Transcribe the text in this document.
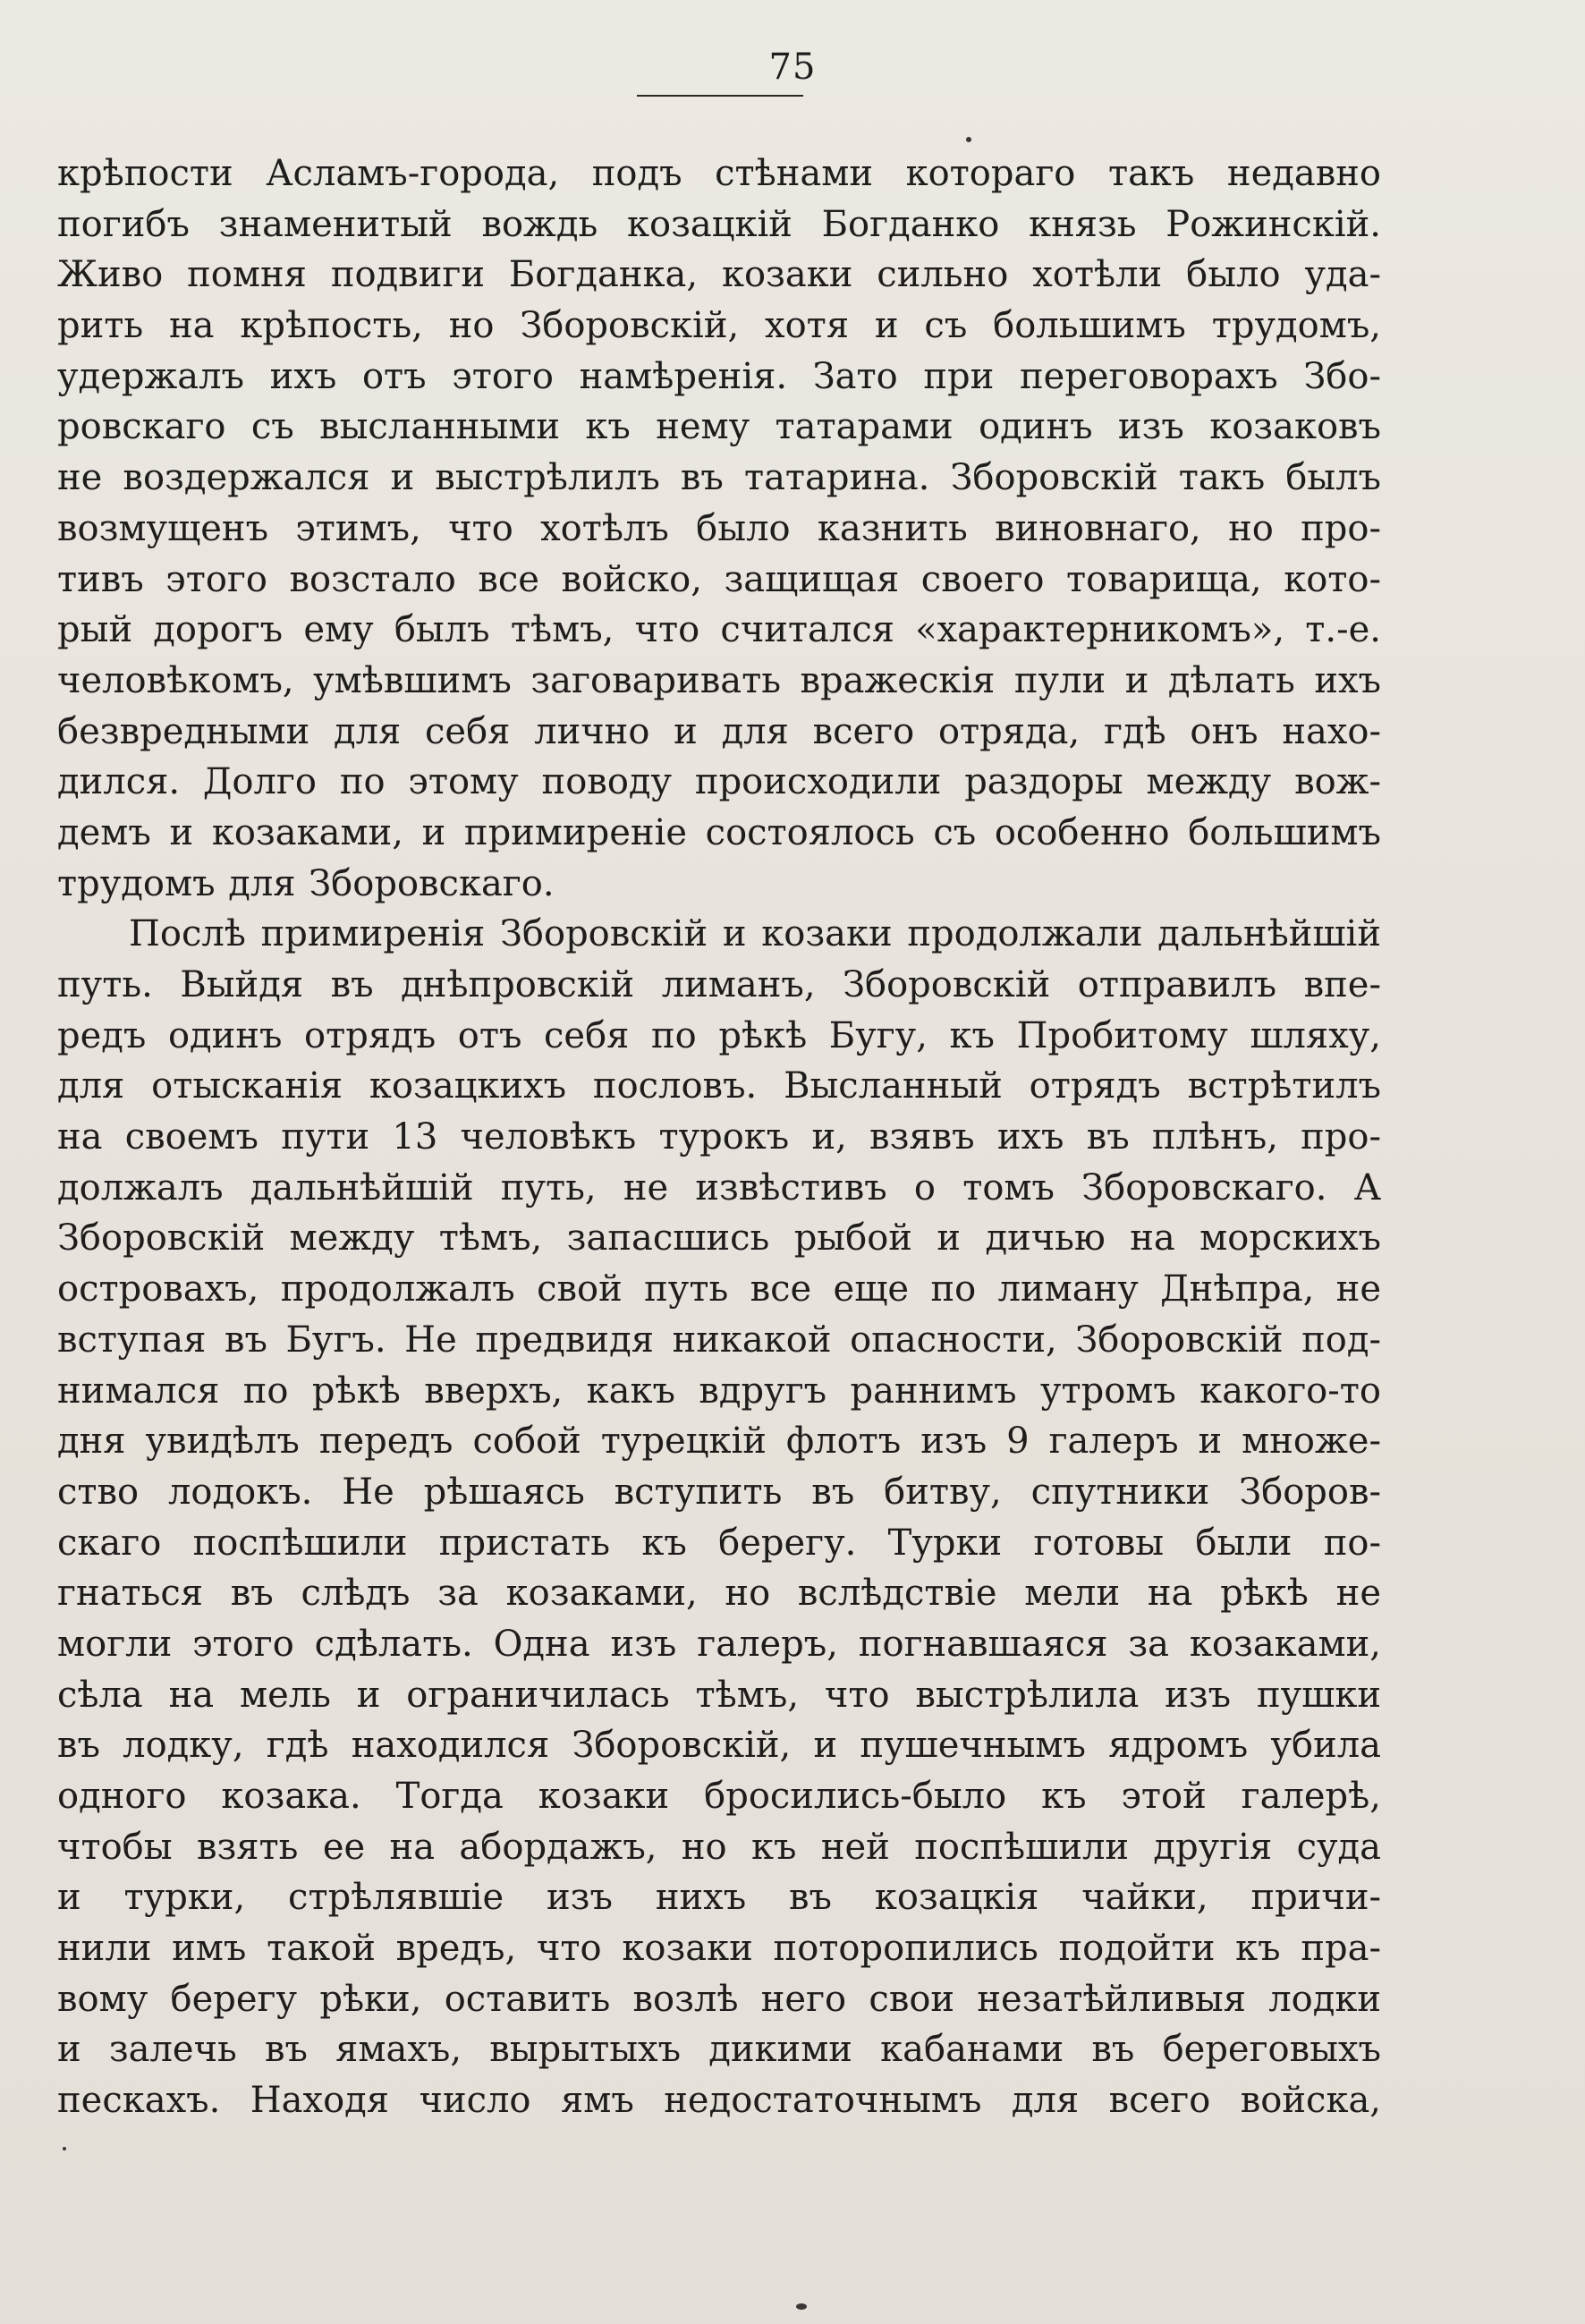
75
крѣпости Асламъ-города, подъ стѣнами котораго такъ недавно
погибъ знаменитый вождь козацкій Богданко князь Рожинскій.
Живо помня подвиги Богданка, козаки сильно хотѣли было уда-
рить на крѣпость, но Зборовскій, хотя и съ большимъ трудомъ,
удержалъ ихъ отъ этого намѣренія. Зато при переговорахъ Збо-
ровскаго съ высланными къ нему татарами одинъ изъ козаковъ
не воздержался и выстрѣлилъ въ татарина. Зборовскій такъ былъ
возмущенъ этимъ, что хотѣлъ было казнить виновнаго, но про-
тивъ этого возстало все войско, защищая своего товарища, кото-
рый дорогъ ему былъ тѣмъ, что считался «характерникомъ», т.-е.
человѣкомъ, умѣвшимъ заговаривать вражескія пули и дѣлать ихъ
безвредными для себя лично и для всего отряда, гдѣ онъ нахо-
дился. Долго по этому поводу происходили раздоры между вож-
демъ и козаками, и примиреніе состоялось съ особенно большимъ
трудомъ для Зборовскаго.
Послѣ примиренія Зборовскій и козаки продолжали дальнѣйшій
путь. Выйдя въ днѣпровскій лиманъ, Зборовскій отправилъ впе-
редъ одинъ отрядъ отъ себя по рѣкѣ Бугу, къ Пробитому шляху,
для отысканія козацкихъ пословъ. Высланный отрядъ встрѣтилъ
на своемъ пути 13 человѣкъ турокъ и, взявъ ихъ въ плѣнъ, про-
должалъ дальнѣйшій путь, не извѣстивъ о томъ Зборовскаго. А
Зборовскій между тѣмъ, запасшись рыбой и дичью на морскихъ
островахъ, продолжалъ свой путь все еще по лиману Днѣпра, не
вступая въ Бугъ. Не предвидя никакой опасности, Зборовскій под-
нимался по рѣкѣ вверхъ, какъ вдругъ раннимъ утромъ какого-то
дня увидѣлъ передъ собой турецкій флотъ изъ 9 галеръ и множе-
ство лодокъ. Не рѣшаясь вступить въ битву, спутники Зборов-
скаго поспѣшили пристать къ берегу. Турки готовы были по-
гнаться въ слѣдъ за козаками, но вслѣдствіе мели на рѣкѣ не
могли этого сдѣлать. Одна изъ галеръ, погнавшаяся за козаками,
сѣла на мель и ограничилась тѣмъ, что выстрѣлила изъ пушки
въ лодку, гдѣ находился Зборовскій, и пушечнымъ ядромъ убила
одного козака. Тогда козаки бросились-было къ этой галерѣ,
чтобы взять ее на абордажъ, но къ ней поспѣшили другія суда
и турки, стрѣлявшіе изъ нихъ въ козацкія чайки, причи-
нили имъ такой вредъ, что козаки поторопились подойти къ пра-
вому берегу рѣки, оставить возлѣ него свои незатѣйливыя лодки
и залечь въ ямахъ, вырытыхъ дикими кабанами въ береговыхъ
пескахъ. Находя число ямъ недостаточнымъ для всего войска,
